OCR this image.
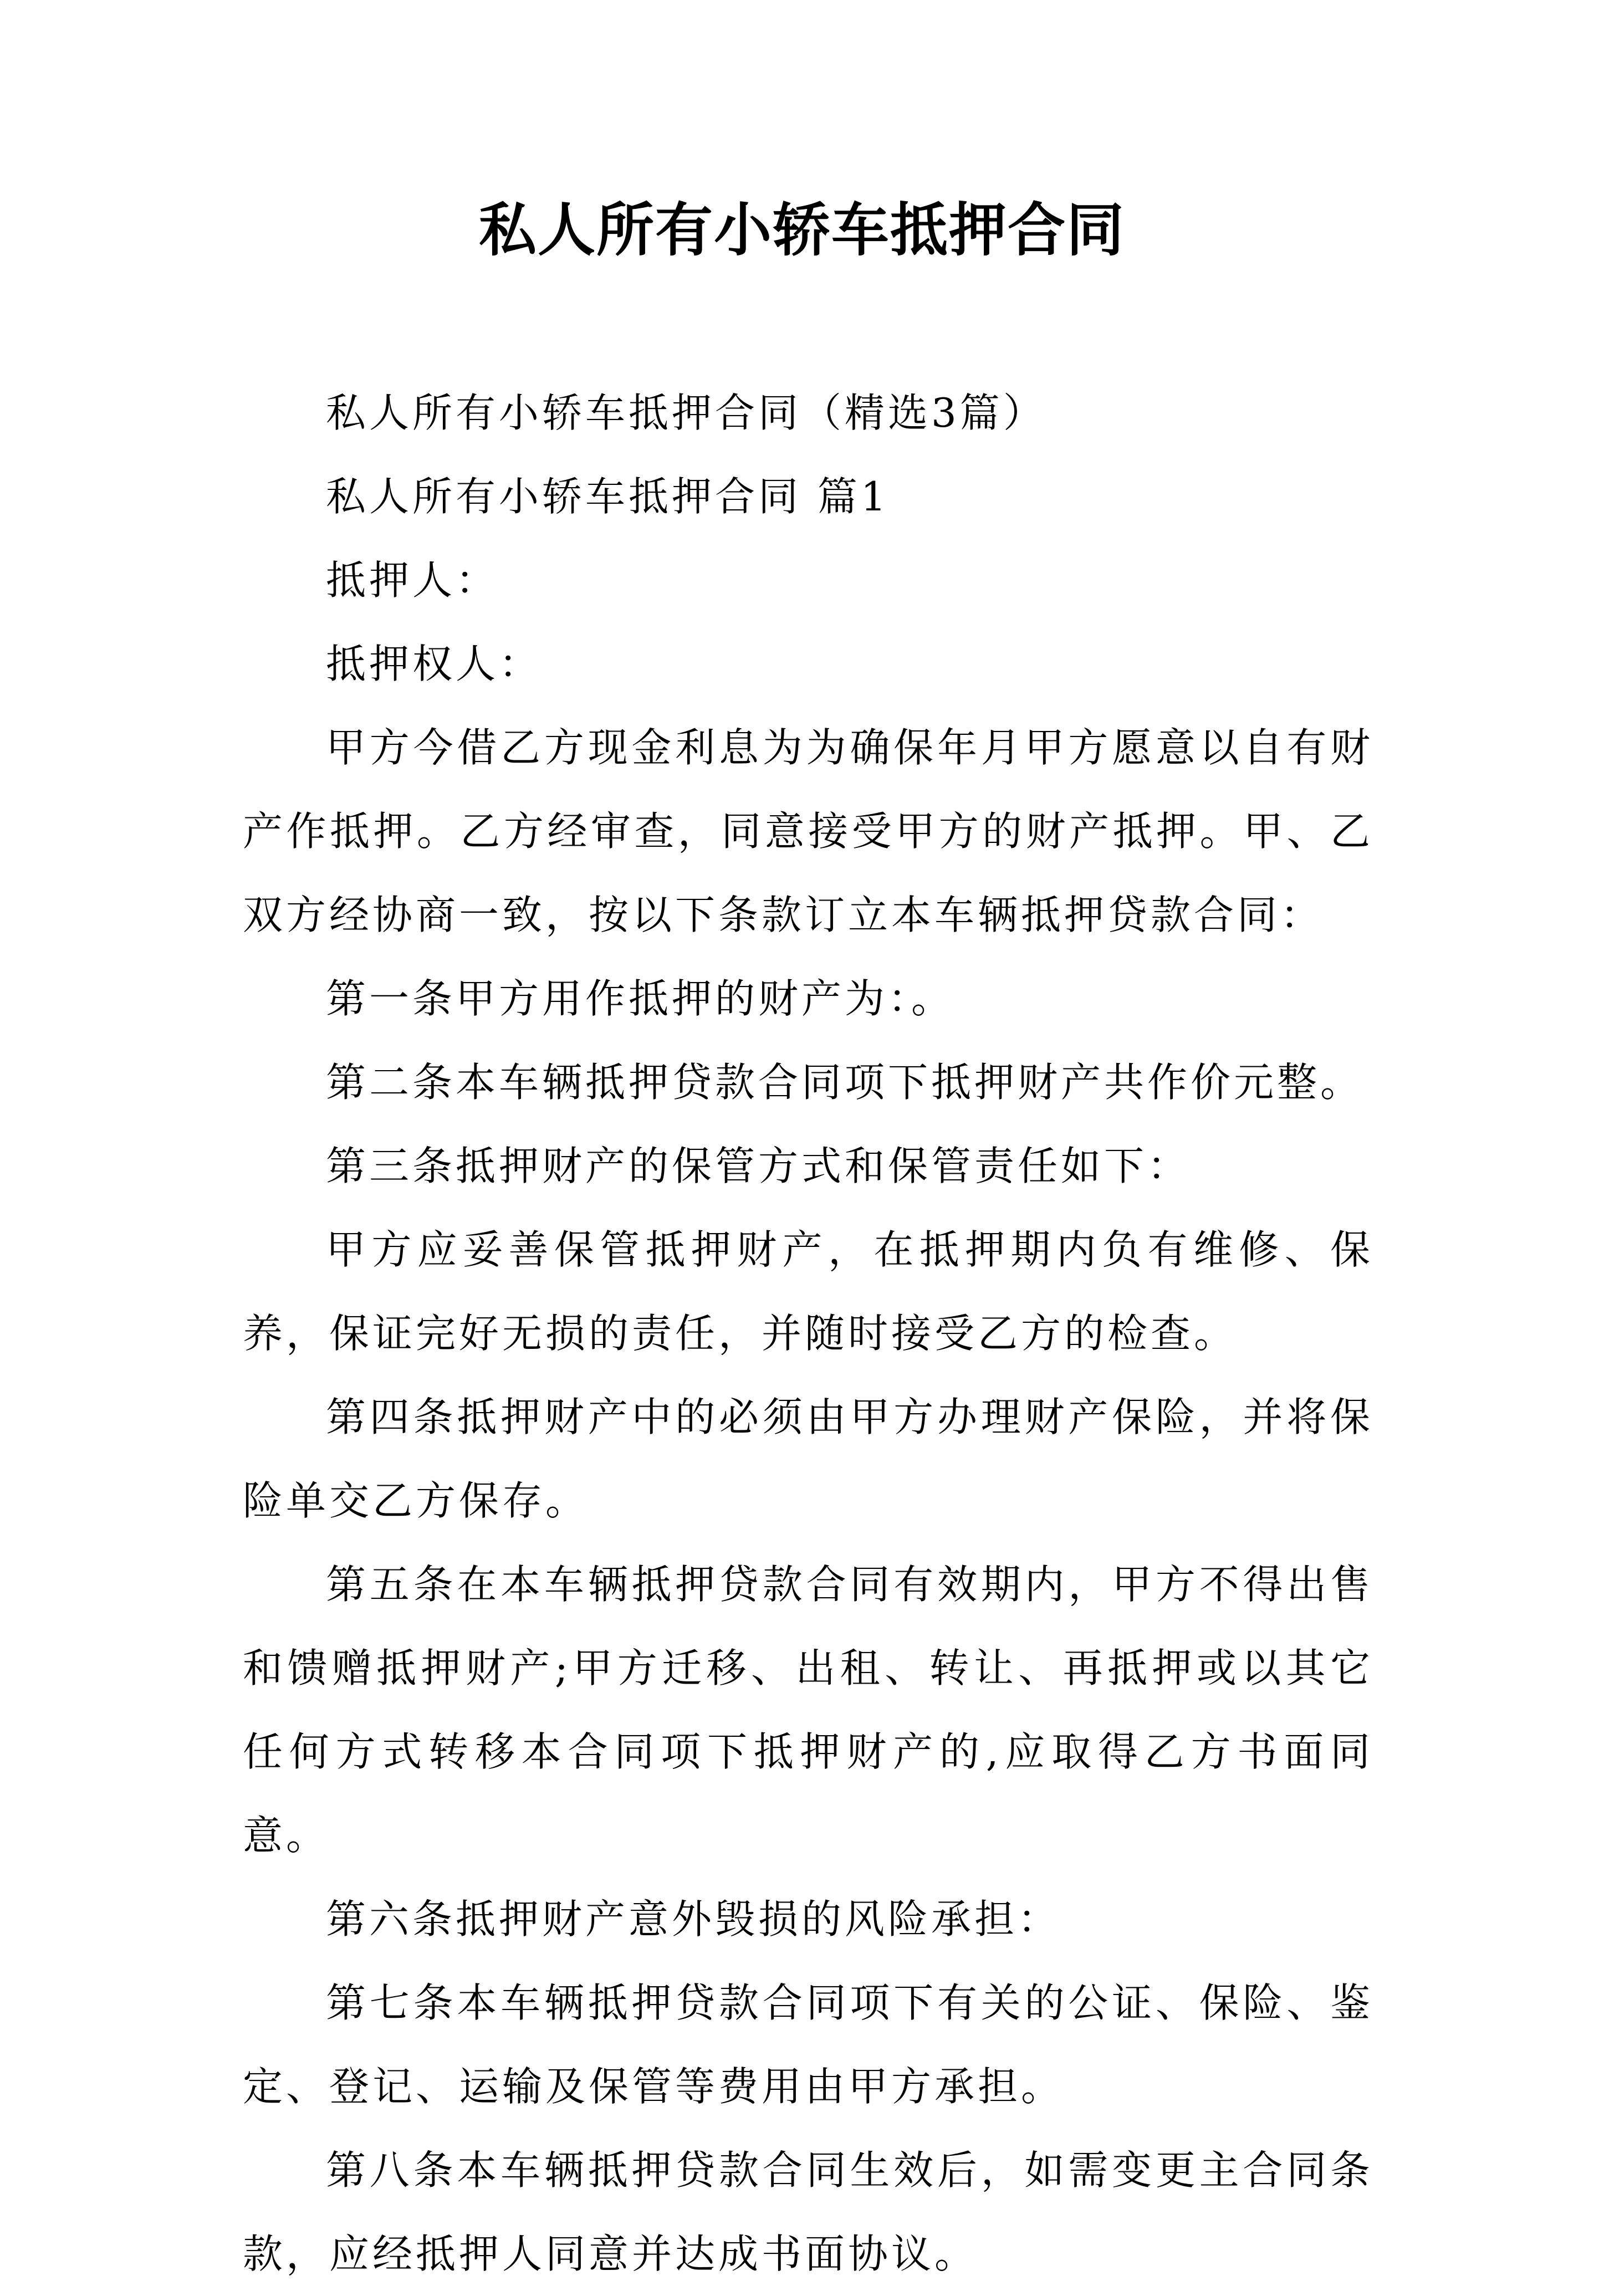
私人所有小轿车抵押合同

私人所有小轿车抵押合同（精选3篇）

私人所有小轿车抵押合同 篇1

抵押人：

抵押权人：

甲方今借乙方现金利息为为确保年月甲方愿意以自有财产作抵押。乙方经审查，同意接受甲方的财产抵押。甲、乙双方经协商一致，按以下条款订立本车辆抵押贷款合同：

第一条甲方用作抵押的财产为：。

第二条本车辆抵押贷款合同项下抵押财产共作价元整。

第三条抵押财产的保管方式和保管责任如下：

甲方应妥善保管抵押财产，在抵押期内负有维修、保养，保证完好无损的责任，并随时接受乙方的检查。

第四条抵押财产中的必须由甲方办理财产保险，并将保险单交乙方保存。

第五条在本车辆抵押贷款合同有效期内，甲方不得出售和馈赠抵押财产;甲方迁移、出租、转让、再抵押或以其它任何方式转移本合同项下抵押财产的,应取得乙方书面同意。

第六条抵押财产意外毁损的风险承担：

第七条本车辆抵押贷款合同项下有关的公证、保险、鉴定、登记、运输及保管等费用由甲方承担。

第八条本车辆抵押贷款合同生效后，如需变更主合同条款，应经抵押人同意并达成书面协议。
